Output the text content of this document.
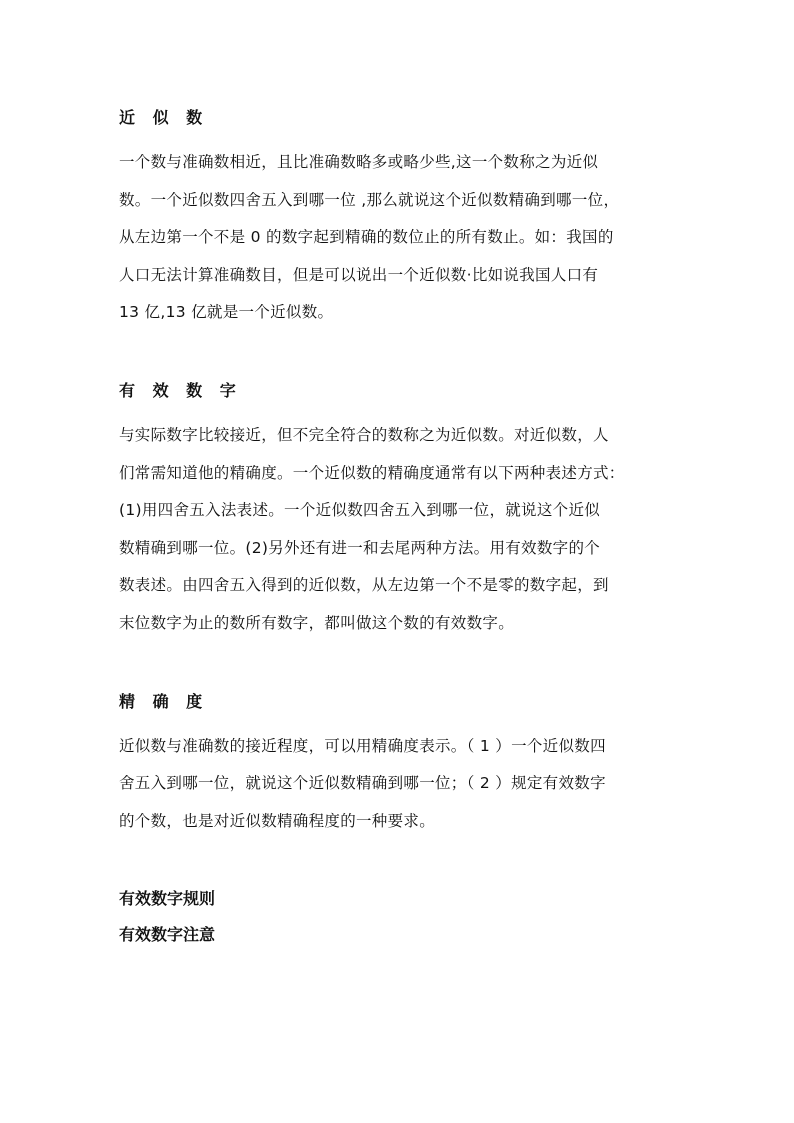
近 似 数

一个数与准确数相近，且比准确数略多或略少些,这一个数称之为近似
数。一个近似数四舍五入到哪一位 ,那么就说这个近似数精确到哪一位，
从左边第一个不是 0 的数字起到精确的数位止的所有数止。如：我国的
人口无法计算准确数目，但是可以说出一个近似数·比如说我国人口有
13 亿,13 亿就是一个近似数。

有 效 数 字

与实际数字比较接近，但不完全符合的数称之为近似数。对近似数，人
们常需知道他的精确度。一个近似数的精确度通常有以下两种表述方式：
(1)用四舍五入法表述。一个近似数四舍五入到哪一位，就说这个近似
数精确到哪一位。(2)另外还有进一和去尾两种方法。用有效数字的个
数表述。由四舍五入得到的近似数，从左边第一个不是零的数字起，到
末位数字为止的数所有数字，都叫做这个数的有效数字。

精 确 度

近似数与准确数的接近程度，可以用精确度表示。（ 1 ）一个近似数四
舍五入到哪一位，就说这个近似数精确到哪一位；（ 2 ）规定有效数字
的个数，也是对近似数精确程度的一种要求。

有效数字规则
有效数字注意
